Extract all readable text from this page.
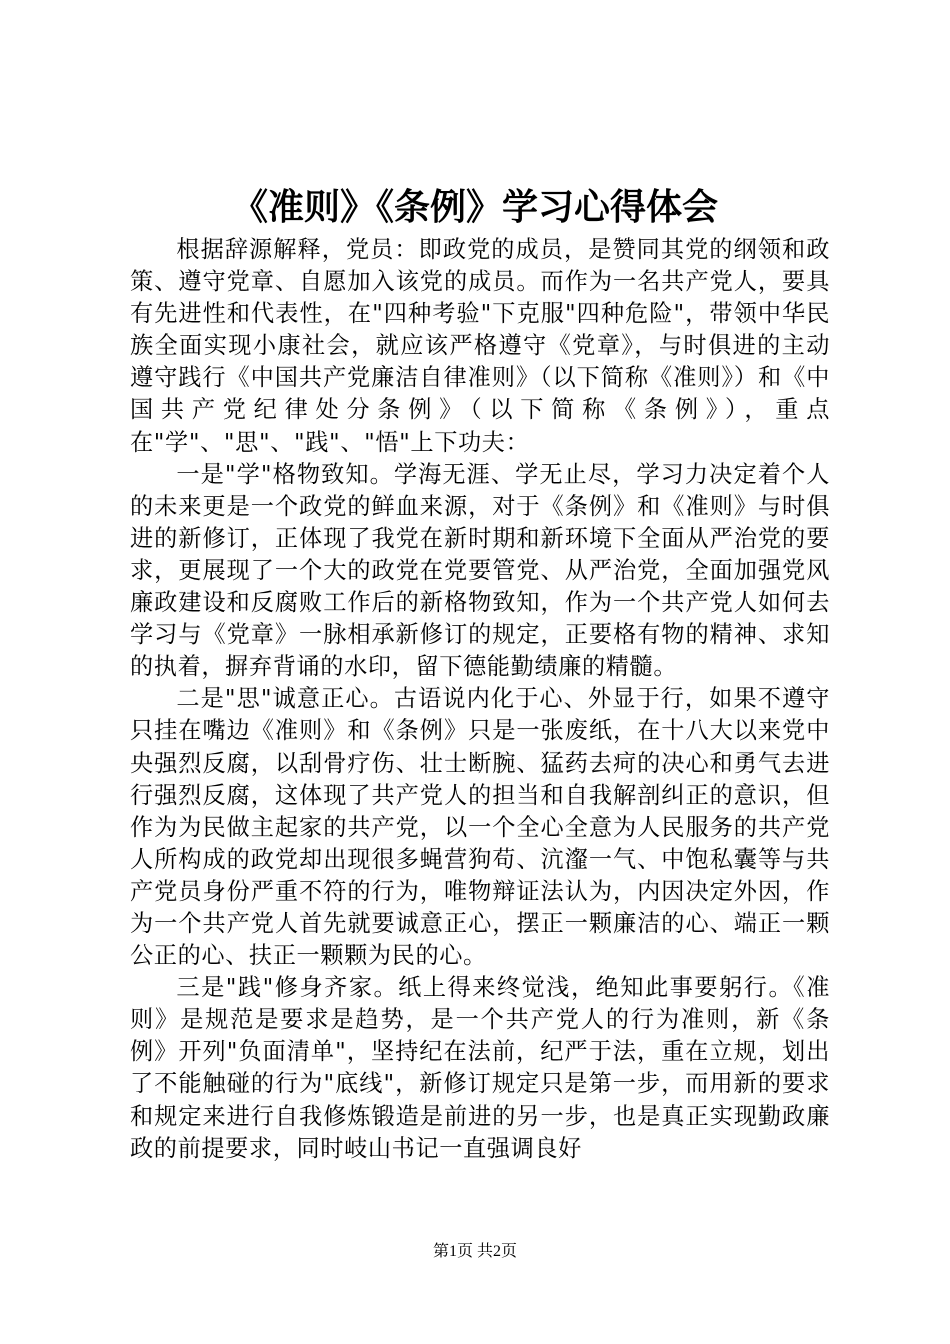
《准则》《条例》学习心得体会

根据辞源解释，党员：即政党的成员，是赞同其党的纲领和政策、遵守党章、自愿加入该党的成员。而作为一名共产党人，要具有先进性和代表性，在"四种考验"下克服"四种危险"，带领中华民族全面实现小康社会，就应该严格遵守《党章》，与时俱进的主动遵守践行《中国共产党廉洁自律准则》（以下简称《准则》）和《中国共产党纪律处分条例》（以下简称《条例》），重点在"学"、"思"、"践"、"悟"上下功夫：

一是"学"格物致知。学海无涯、学无止尽，学习力决定着个人的未来更是一个政党的鲜血来源，对于《条例》和《准则》与时俱进的新修订，正体现了我党在新时期和新环境下全面从严治党的要求，更展现了一个大的政党在党要管党、从严治党，全面加强党风廉政建设和反腐败工作后的新格物致知，作为一个共产党人如何去学习与《党章》一脉相承新修订的规定，正要格有物的精神、求知的执着，摒弃背诵的水印，留下德能勤绩廉的精髓。

二是"思"诚意正心。古语说内化于心、外显于行，如果不遵守只挂在嘴边《准则》和《条例》只是一张废纸，在十八大以来党中央强烈反腐，以刮骨疗伤、壮士断腕、猛药去疴的决心和勇气去进行强烈反腐，这体现了共产党人的担当和自我解剖纠正的意识，但作为为民做主起家的共产党，以一个全心全意为人民服务的共产党人所构成的政党却出现很多蝇营狗苟、沆瀣一气、中饱私囊等与共产党员身份严重不符的行为，唯物辩证法认为，内因决定外因，作为一个共产党人首先就要诚意正心，摆正一颗廉洁的心、端正一颗公正的心、扶正一颗颗为民的心。

三是"践"修身齐家。纸上得来终觉浅，绝知此事要躬行。《准则》是规范是要求是趋势，是一个共产党人的行为准则，新《条例》开列"负面清单"，坚持纪在法前，纪严于法，重在立规，划出了不能触碰的行为"底线"，新修订规定只是第一步，而用新的要求和规定来进行自我修炼锻造是前进的另一步，也是真正实现勤政廉政的前提要求，同时岐山书记一直强调良好

第1页 共2页
